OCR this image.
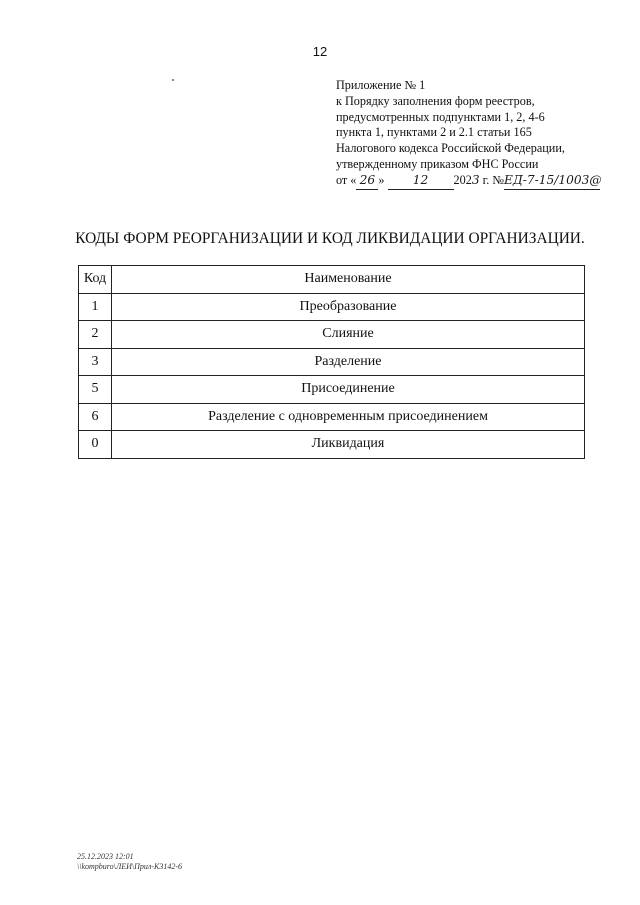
12
Приложение № 1
к Порядку заполнения форм реестров,
предусмотренных подпунктами 1, 2, 4-6
пункта 1, пунктами 2 и 2.1 статьи 165
Налогового кодекса Российской Федерации,
утвержденному приказом ФНС России
от « 26 » 12 2023 г. №ЕД-7-15/1003@
КОДЫ ФОРМ РЕОРГАНИЗАЦИИ И КОД ЛИКВИДАЦИИ ОРГАНИЗАЦИИ.
Код	Наименование
1	Преобразование
2	Слияние
3	Разделение
5	Присоединение
6	Разделение с одновременным присоединением
0	Ликвидация
25.12.2023 12:01
\\kompburo\ЛЕИ\Прил-К3142-6
